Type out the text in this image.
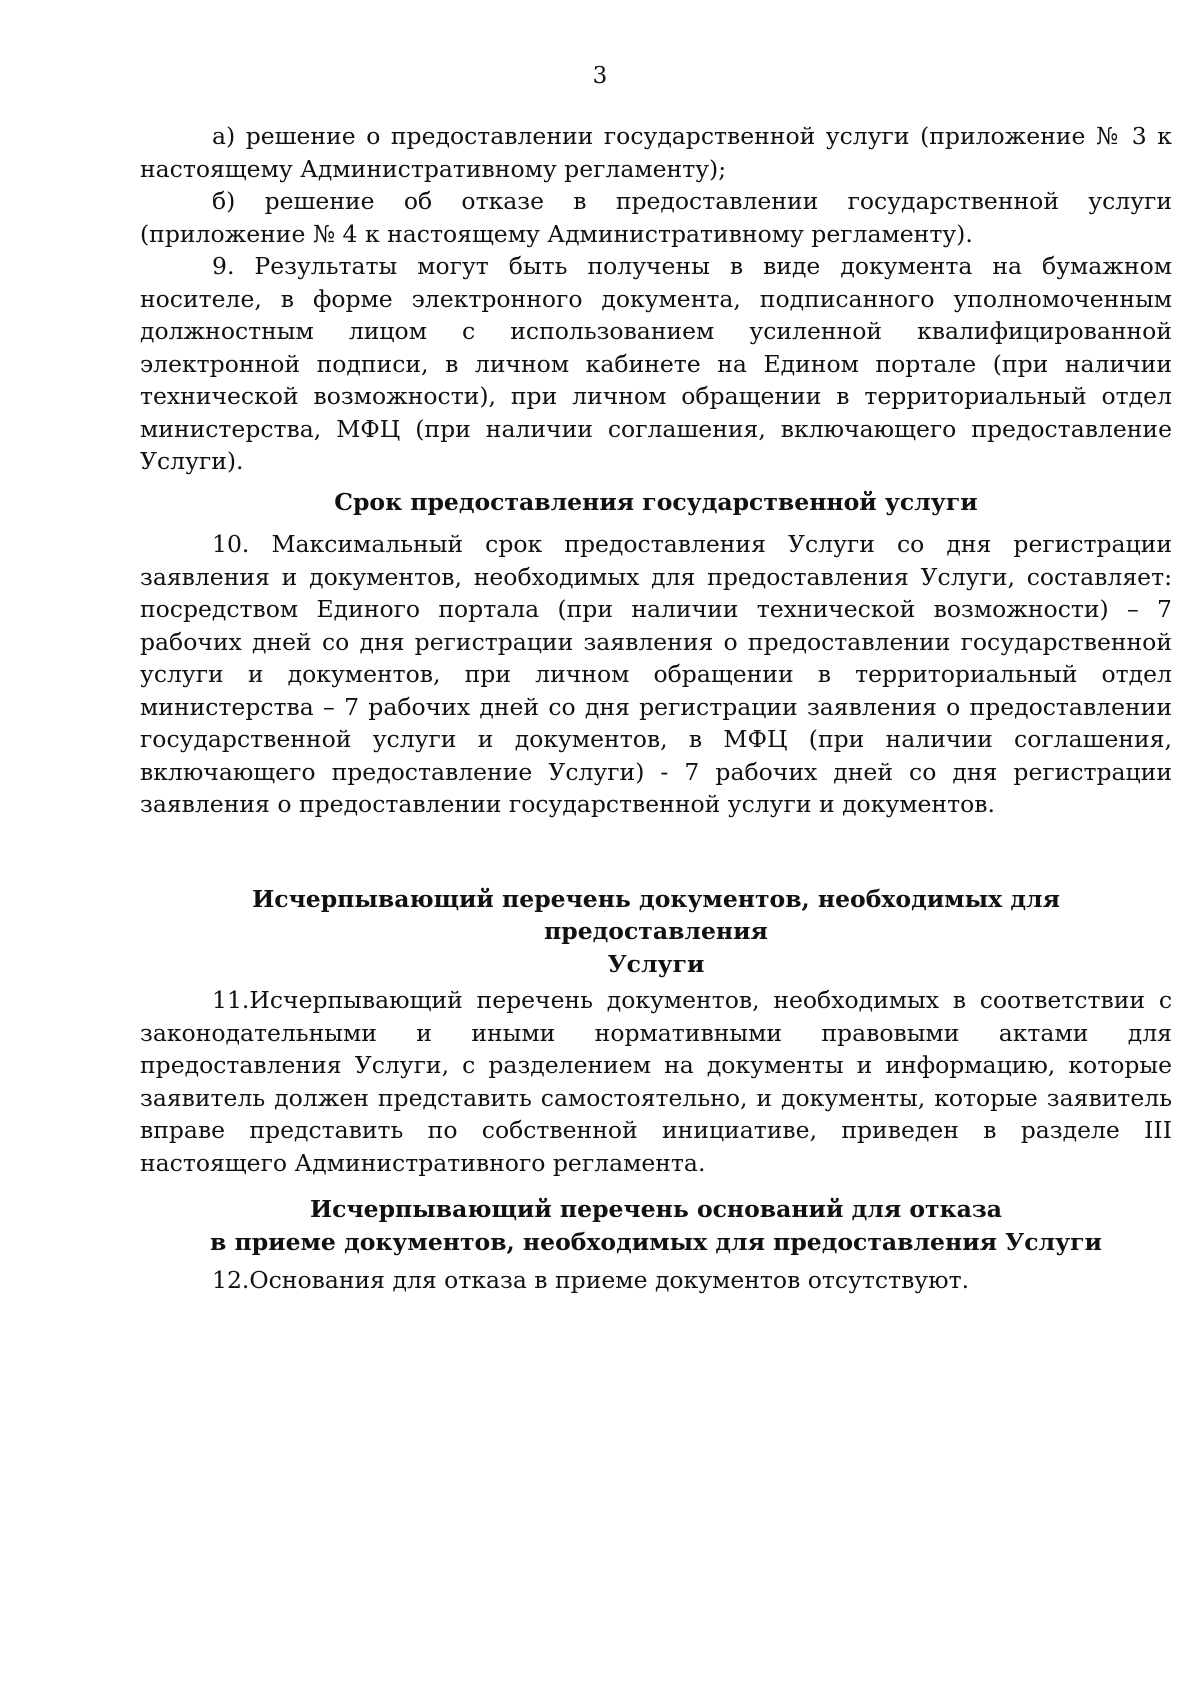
3

а) решение о предоставлении государственной услуги (приложение № 3 к настоящему Административному регламенту);

б) решение об отказе в предоставлении государственной услуги (приложение № 4 к настоящему Административному регламенту).

9. Результаты могут быть получены в виде документа на бумажном носителе, в форме электронного документа, подписанного уполномоченным должностным лицом с использованием усиленной квалифицированной электронной подписи, в личном кабинете на Едином портале (при наличии технической возможности), при личном обращении в территориальный отдел министерства, МФЦ (при наличии соглашения, включающего предоставление Услуги).

Срок предоставления государственной услуги

10. Максимальный срок предоставления Услуги со дня регистрации заявления и документов, необходимых для предоставления Услуги, составляет: посредством Единого портала (при наличии технической возможности) – 7 рабочих дней со дня регистрации заявления о предоставлении государственной услуги и документов, при личном обращении в территориальный отдел министерства – 7 рабочих дней со дня регистрации заявления о предоставлении государственной услуги и документов, в МФЦ (при наличии соглашения, включающего предоставление Услуги) - 7 рабочих дней со дня регистрации заявления о предоставлении государственной услуги и документов.

Исчерпывающий перечень документов, необходимых для предоставления
Услуги

11.Исчерпывающий перечень документов, необходимых в соответствии с законодательными и иными нормативными правовыми актами для предоставления Услуги, с разделением на документы и информацию, которые заявитель должен представить самостоятельно, и документы, которые заявитель вправе представить по собственной инициативе, приведен в разделе III настоящего Административного регламента.

Исчерпывающий перечень оснований для отказа
в приеме документов, необходимых для предоставления Услуги

12.Основания для отказа в приеме документов отсутствуют.
